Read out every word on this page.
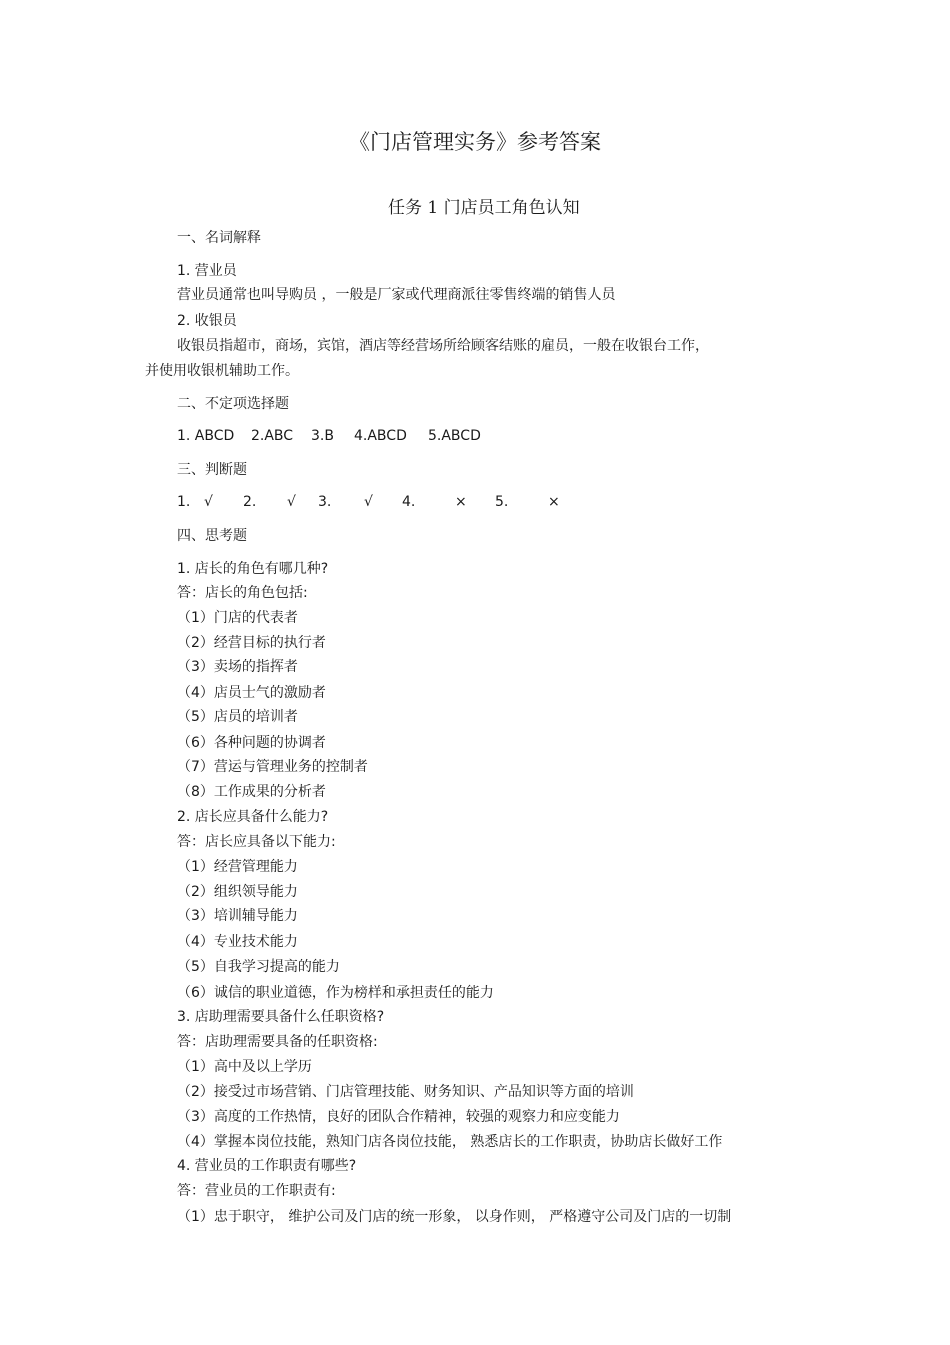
《门店管理实务》参考答案
任务 1 门店员工角色认知
一、名词解释
1. 营业员
营业员通常也叫导购员 ，一般是厂家或代理商派往零售终端的销售人员
2. 收银员
收银员指超市，商场，宾馆，酒店等经营场所给顾客结账的雇员，一般在收银台工作，
并使用收银机辅助工作。
二、不定项选择题
1. ABCD 2.ABC 3.B 4.ABCD 5.ABCD
三、判断题
1. √ 2. √ 3. √ 4.	× 5.	×
四、思考题
1. 店长的角色有哪几种?
答：店长的角色包括:
（1）门店的代表者
（2）经营目标的执行者
（3）卖场的指挥者
（4）店员士气的激励者
（5）店员的培训者
（6）各种问题的协调者
（7）营运与管理业务的控制者
（8）工作成果的分析者
2. 店长应具备什么能力?
答：店长应具备以下能力:
（1）经营管理能力
（2）组织领导能力
（3）培训辅导能力
（4）专业技术能力
（5）自我学习提高的能力
（6）诚信的职业道德，作为榜样和承担责任的能力
3. 店助理需要具备什么任职资格?
答：店助理需要具备的任职资格:
（1）高中及以上学历
（2）接受过市场营销、门店管理技能、财务知识、产品知识等方面的培训
（3）高度的工作热情，良好的团队合作精神，较强的观察力和应变能力
（4）掌握本岗位技能，熟知门店各岗位技能， 熟悉店长的工作职责，协助店长做好工作
4. 营业员的工作职责有哪些?
答：营业员的工作职责有:
（1）忠于职守， 维护公司及门店的统一形象， 以身作则， 严格遵守公司及门店的一切制
